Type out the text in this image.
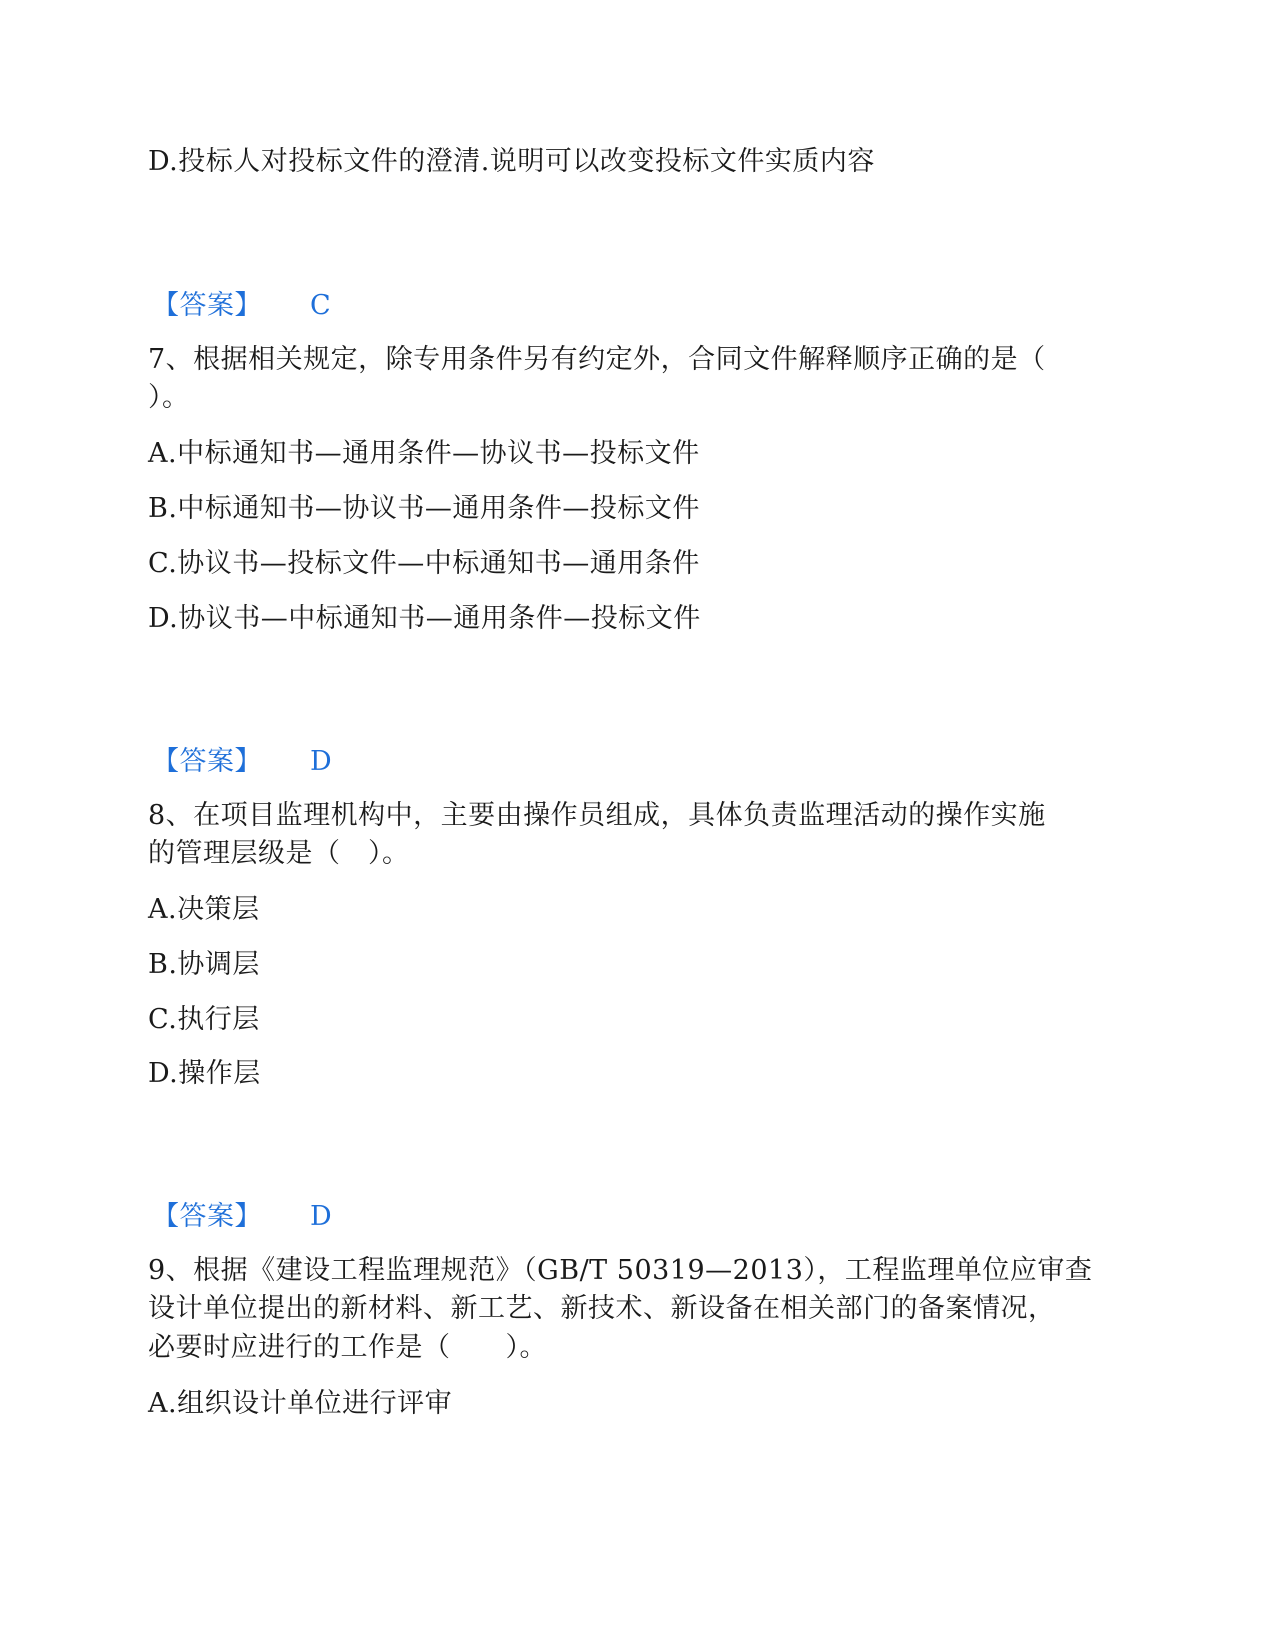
D.投标人对投标文件的澄清.说明可以改变投标文件实质内容
【答案】 C
7、根据相关规定，除专用条件另有约定外，合同文件解释顺序正确的是（
）。
A.中标通知书—通用条件—协议书—投标文件
B.中标通知书—协议书—通用条件—投标文件
C.协议书—投标文件—中标通知书—通用条件
D.协议书—中标通知书—通用条件—投标文件
【答案】 D
8、在项目监理机构中，主要由操作员组成，具体负责监理活动的操作实施
的管理层级是（　）。
A.决策层
B.协调层
C.执行层
D.操作层
【答案】 D
9、根据《建设工程监理规范》（GB/T 50319—2013），工程监理单位应审查
设计单位提出的新材料、新工艺、新技术、新设备在相关部门的备案情况，
必要时应进行的工作是（　　）。
A.组织设计单位进行评审
